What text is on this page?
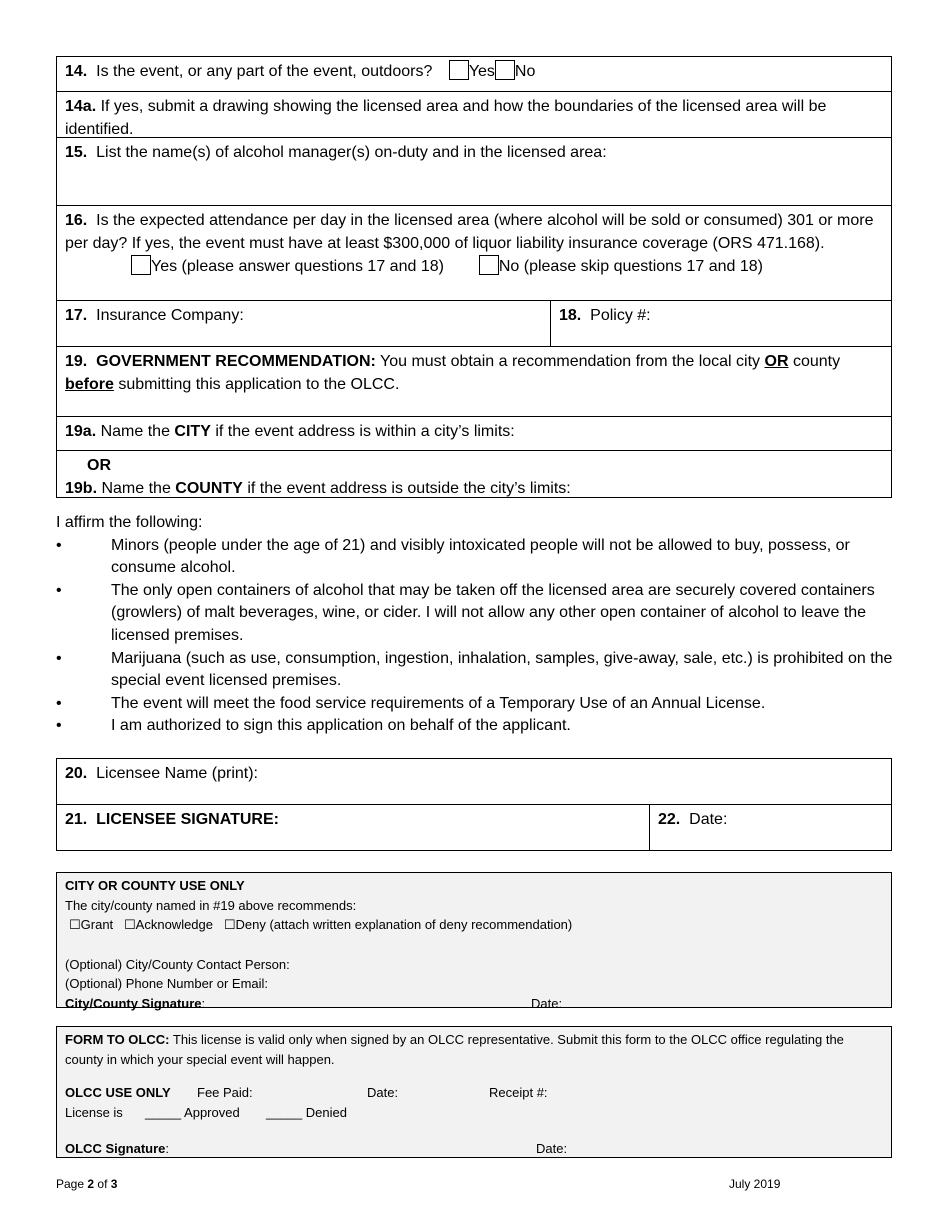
14. Is the event, or any part of the event, outdoors? Yes No
14a. If yes, submit a drawing showing the licensed area and how the boundaries of the licensed area will be identified.
15. List the name(s) of alcohol manager(s) on-duty and in the licensed area:
16. Is the expected attendance per day in the licensed area (where alcohol will be sold or consumed) 301 or more per day? If yes, the event must have at least $300,000 of liquor liability insurance coverage (ORS 471.168).
Yes (please answer questions 17 and 18)	No (please skip questions 17 and 18)
17. Insurance Company:	18. Policy #:
19. GOVERNMENT RECOMMENDATION: You must obtain a recommendation from the local city OR county before submitting this application to the OLCC.
19a. Name the CITY if the event address is within a city’s limits:
OR
19b. Name the COUNTY if the event address is outside the city’s limits:
I affirm the following:
•	Minors (people under the age of 21) and visibly intoxicated people will not be allowed to buy, possess, or consume alcohol.
•	The only open containers of alcohol that may be taken off the licensed area are securely covered containers (growlers) of malt beverages, wine, or cider. I will not allow any other open container of alcohol to leave the licensed premises.
•	Marijuana (such as use, consumption, ingestion, inhalation, samples, give-away, sale, etc.) is prohibited on the special event licensed premises.
•	The event will meet the food service requirements of a Temporary Use of an Annual License.
•	I am authorized to sign this application on behalf of the applicant.
20. Licensee Name (print):
21. LICENSEE SIGNATURE:	22. Date:
CITY OR COUNTY USE ONLY
The city/county named in #19 above recommends:
☐Grant ☐Acknowledge ☐Deny (attach written explanation of deny recommendation)
(Optional) City/County Contact Person:
(Optional) Phone Number or Email:
City/County Signature:	Date:
FORM TO OLCC: This license is valid only when signed by an OLCC representative. Submit this form to the OLCC office regulating the county in which your special event will happen.
OLCC USE ONLY Fee Paid:	Date:	Receipt #:
License is _____ Approved _____ Denied
OLCC Signature:	Date:
Page 2 of 3	July 2019
